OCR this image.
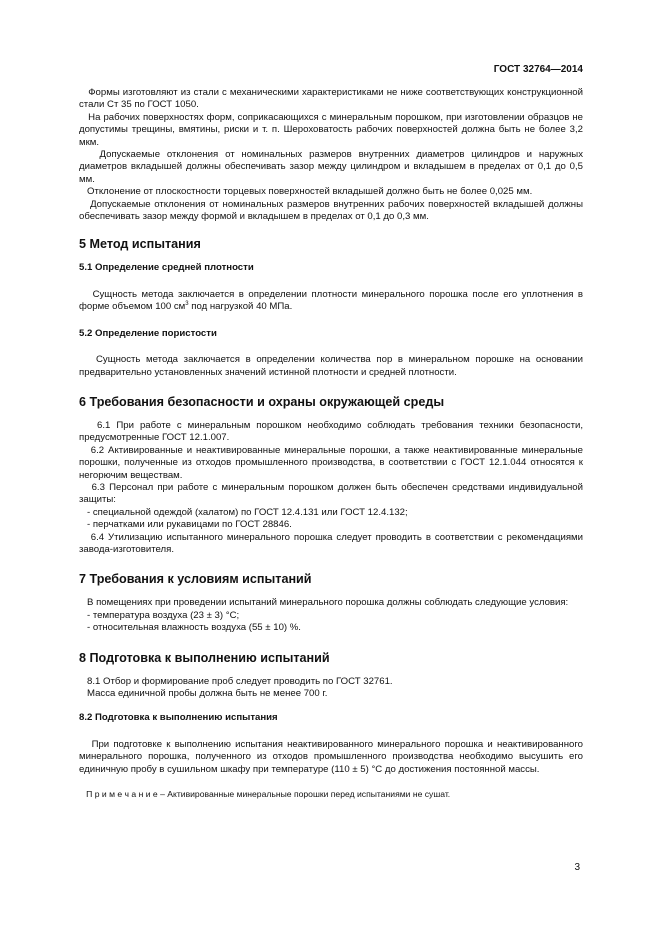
ГОСТ 32764—2014

Формы изготовляют из стали с механическими характеристиками не ниже соответствующих конструкционной стали Ст 35 по ГОСТ 1050.

На рабочих поверхностях форм, соприкасающихся с минеральным порошком, при изготовлении образцов не допустимы трещины, вмятины, риски и т. п. Шероховатость рабочих поверхностей должна быть не более 3,2 мкм.

Допускаемые отклонения от номинальных размеров внутренних диаметров цилиндров и наружных диаметров вкладышей должны обеспечивать зазор между цилиндром и вкладышем в пределах от 0,1 до 0,5 мм.

Отклонение от плоскостности торцевых поверхностей вкладышей должно быть не более 0,025 мм.

Допускаемые отклонения от номинальных размеров внутренних рабочих поверхностей вкладышей должны обеспечивать зазор между формой и вкладышем в пределах от 0,1 до 0,3 мм.

5 Метод испытания
5.1 Определение средней плотности

Сущность метода заключается в определении плотности минерального порошка после его уплотнения в форме объемом 100 $см^3$ под нагрузкой 40 МПа.

5.2 Определение пористости

Сущность метода заключается в определении количества пор в минеральном порошке на основании предварительно установленных значений истинной плотности и средней плотности.

6 Требования безопасности и охраны окружающей среды

6.1 При работе с минеральным порошком необходимо соблюдать требования техники безопасности, предусмотренные ГОСТ 12.1.007.

6.2 Активированные и неактивированные минеральные порошки, а также неактивированные минеральные порошки, полученные из отходов промышленного производства, в соответствии с ГОСТ 12.1.044 относятся к негорючим веществам.

6.3 Персонал при работе с минеральным порошком должен быть обеспечен средствами индивидуальной защиты:

- специальной одеждой (халатом) по ГОСТ 12.4.131 или ГОСТ 12.4.132;

- перчатками или рукавицами по ГОСТ 28846.

6.4 Утилизацию испытанного минерального порошка следует проводить в соответствии с рекомендациями завода-изготовителя.

7 Требования к условиям испытаний

В помещениях при проведении испытаний минерального порошка должны соблюдать следующие условия:

- температура воздуха (23 ± 3) °С;

- относительная влажность воздуха (55 ± 10) %.

8 Подготовка к выполнению испытаний

8.1 Отбор и формирование проб следует проводить по ГОСТ 32761.

Масса единичной пробы должна быть не менее 700 г.

8.2 Подготовка к выполнению испытания

При подготовке к выполнению испытания неактивированного минерального порошка и неактивированного минерального порошка, полученного из отходов промышленного производства необходимо высушить его единичную пробу в сушильном шкафу при температуре (110 ± 5) °С до достижения постоянной массы.

П р и м е ч а н и е – Активированные минеральные порошки перед испытаниями не сушат.

3
